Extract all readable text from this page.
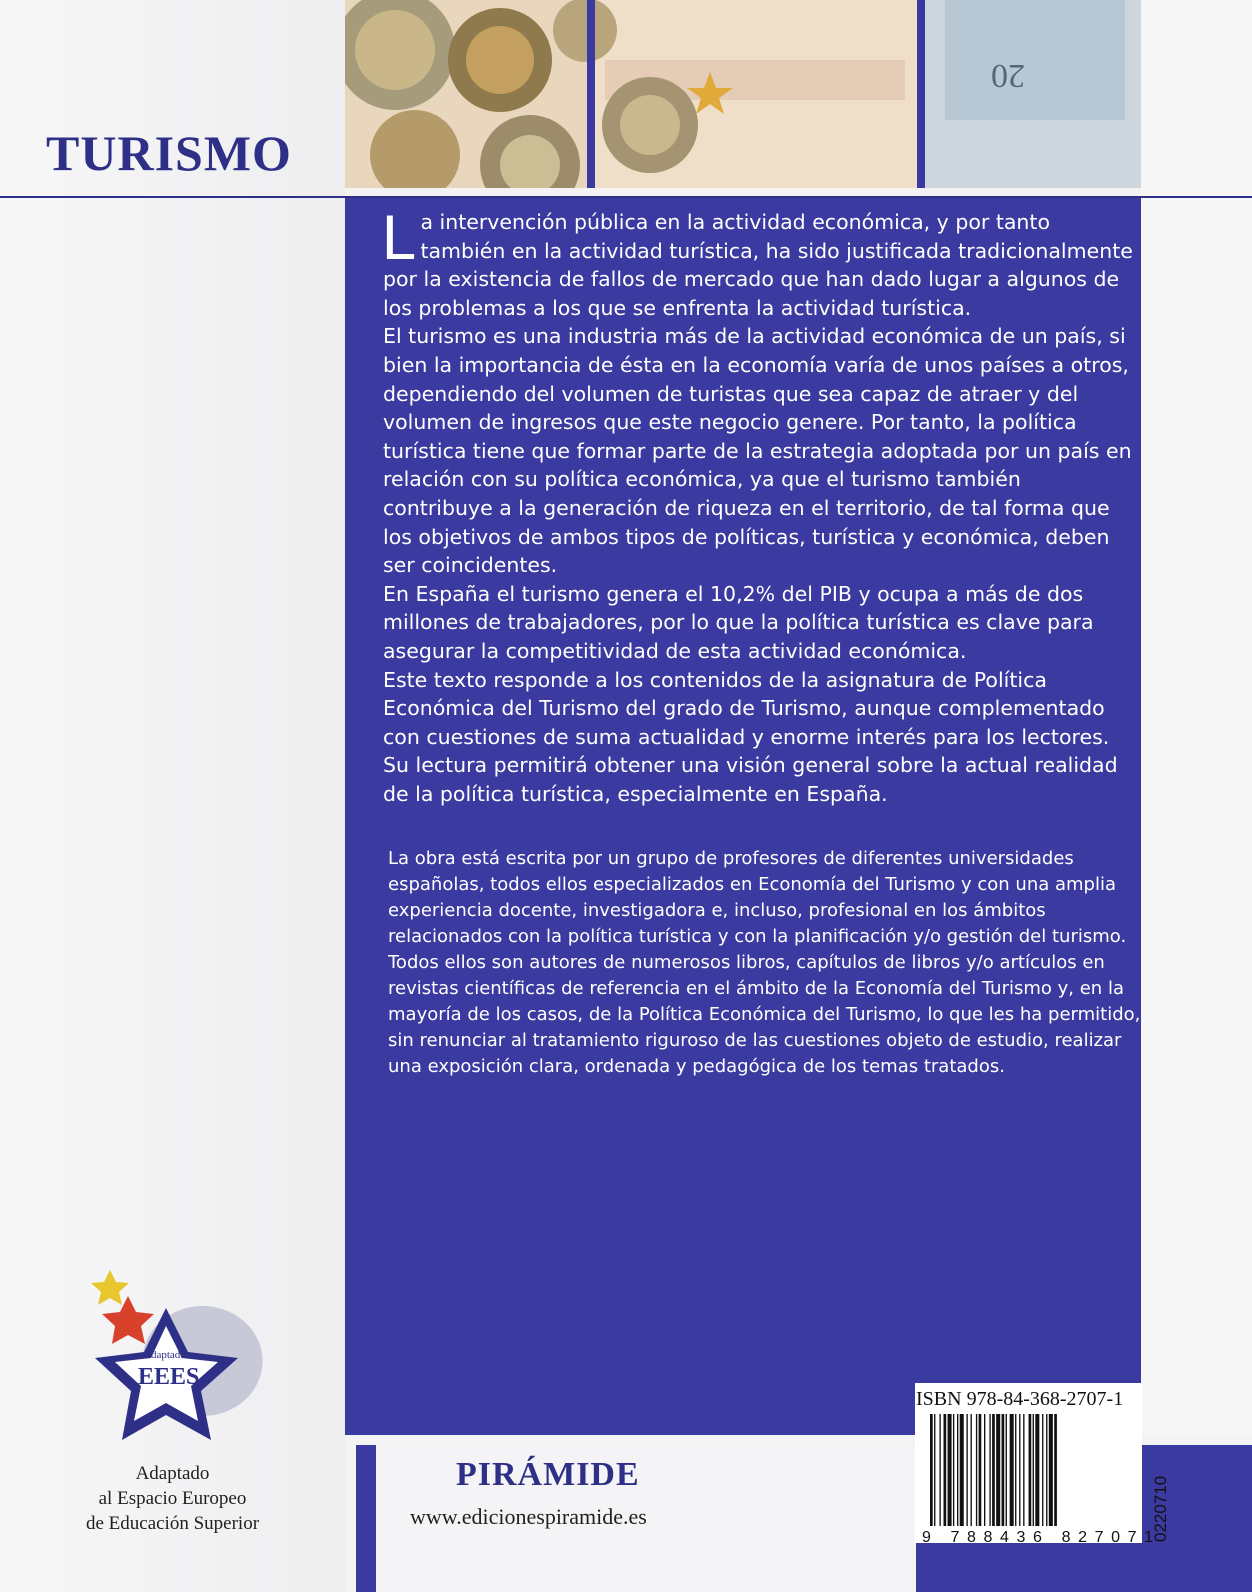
20
TURISMO

La intervención pública en la actividad económica, y por tanto también en la actividad turística, ha sido justificada tradicionalmente por la existencia de fallos de mercado que han dado lugar a algunos de los problemas a los que se enfrenta la actividad turística.

El turismo es una industria más de la actividad económica de un país, si bien la importancia de ésta en la economía varía de unos países a otros, dependiendo del volumen de turistas que sea capaz de atraer y del volumen de ingresos que este negocio genere. Por tanto, la política turística tiene que formar parte de la estrategia adoptada por un país en relación con su política económica, ya que el turismo también contribuye a la generación de riqueza en el territorio, de tal forma que los objetivos de ambos tipos de políticas, turística y económica, deben ser coincidentes.

En España el turismo genera el 10,2% del PIB y ocupa a más de dos millones de trabajadores, por lo que la política turística es clave para asegurar la competitividad de esta actividad económica.

Este texto responde a los contenidos de la asignatura de Política Económica del Turismo del grado de Turismo, aunque complementado con cuestiones de suma actualidad y enorme interés para los lectores. Su lectura permitirá obtener una visión general sobre la actual realidad de la política turística, especialmente en España.

La obra está escrita por un grupo de profesores de diferentes universidades españolas, todos ellos especializados en Economía del Turismo y con una amplia experiencia docente, investigadora e, incluso, profesional en los ámbitos relacionados con la política turística y con la planificación y/o gestión del turismo. Todos ellos son autores de numerosos libros, capítulos de libros y/o artículos en revistas científicas de referencia en el ámbito de la Economía del Turismo y, en la mayoría de los casos, de la Política Económica del Turismo, lo que les ha permitido, sin renunciar al tratamiento riguroso de las cuestiones objeto de estudio, realizar una exposición clara, ordenada y pedagógica de los temas tratados.

Adaptado
EEES
Adaptado
al Espacio Europeo
de Educación Superior

PIRÁMIDE

www.edicionespiramide.es
ISBN 978-84-368-2707-1
9 788436 827071
0220710
